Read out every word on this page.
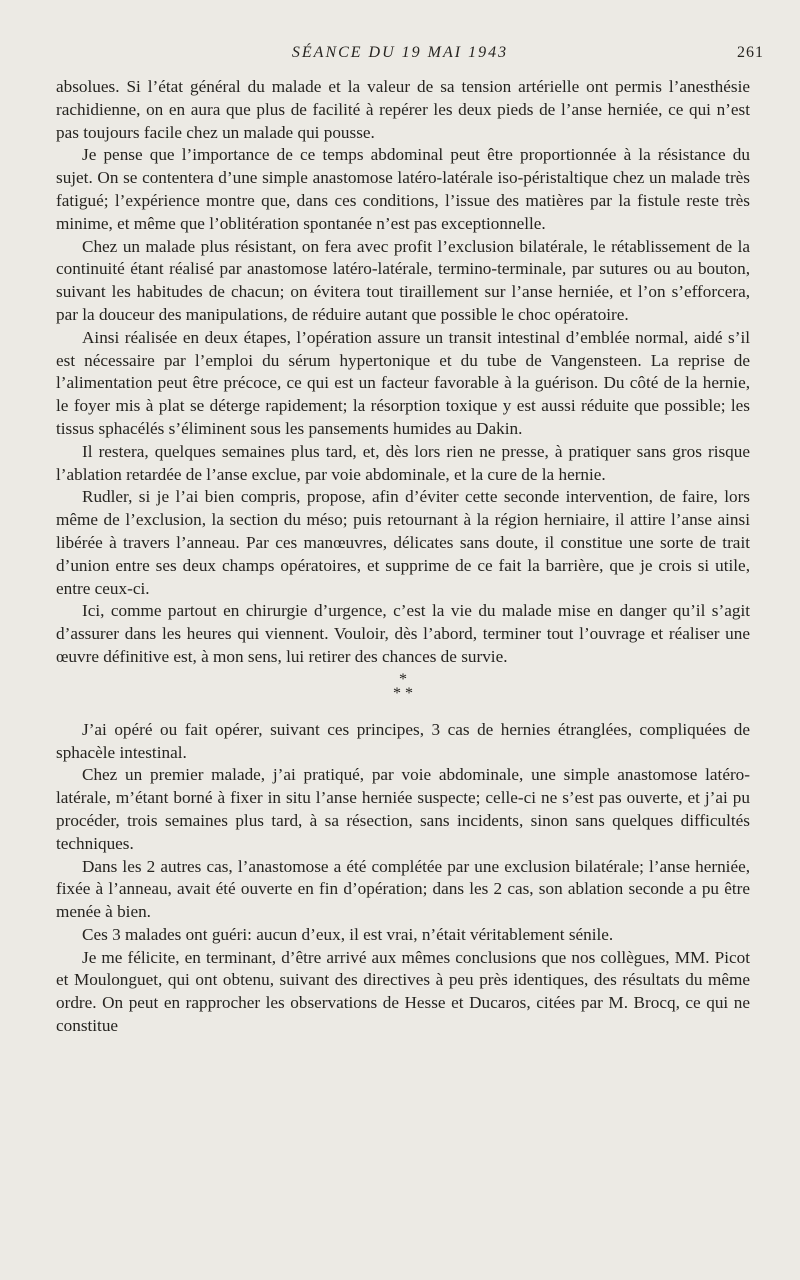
SÉANCE DU 19 MAI 1943	261

absolues. Si l’état général du malade et la valeur de sa tension artérielle ont permis l’anesthésie rachidienne, on en aura que plus de facilité à repérer les deux pieds de l’anse herniée, ce qui n’est pas toujours facile chez un malade qui pousse.

Je pense que l’importance de ce temps abdominal peut être proportionnée à la résistance du sujet. On se contentera d’une simple anastomose latéro-latérale iso-péristaltique chez un malade très fatigué; l’expérience montre que, dans ces conditions, l’issue des matières par la fistule reste très minime, et même que l’oblitération spontanée n’est pas exceptionnelle.

Chez un malade plus résistant, on fera avec profit l’exclusion bilatérale, le rétablissement de la continuité étant réalisé par anastomose latéro-latérale, termino-terminale, par sutures ou au bouton, suivant les habitudes de chacun; on évitera tout tiraillement sur l’anse herniée, et l’on s’efforcera, par la douceur des manipulations, de réduire autant que possible le choc opératoire.

Ainsi réalisée en deux étapes, l’opération assure un transit intestinal d’emblée normal, aidé s’il est nécessaire par l’emploi du sérum hypertonique et du tube de Vangensteen. La reprise de l’alimentation peut être précoce, ce qui est un facteur favorable à la guérison. Du côté de la hernie, le foyer mis à plat se déterge rapidement; la résorption toxique y est aussi réduite que possible; les tissus sphacélés s’éliminent sous les pansements humides au Dakin.

Il restera, quelques semaines plus tard, et, dès lors rien ne presse, à pratiquer sans gros risque l’ablation retardée de l’anse exclue, par voie abdominale, et la cure de la hernie.

Rudler, si je l’ai bien compris, propose, afin d’éviter cette seconde intervention, de faire, lors même de l’exclusion, la section du méso; puis retournant à la région herniaire, il attire l’anse ainsi libérée à travers l’anneau. Par ces manœuvres, délicates sans doute, il constitue une sorte de trait d’union entre ses deux champs opératoires, et supprime de ce fait la barrière, que je crois si utile, entre ceux-ci.

Ici, comme partout en chirurgie d’urgence, c’est la vie du malade mise en danger qu’il s’agit d’assurer dans les heures qui viennent. Vouloir, dès l’abord, terminer tout l’ouvrage et réaliser une œuvre définitive est, à mon sens, lui retirer des chances de survie.

*
* *

J’ai opéré ou fait opérer, suivant ces principes, 3 cas de hernies étranglées, compliquées de sphacèle intestinal.

Chez un premier malade, j’ai pratiqué, par voie abdominale, une simple anastomose latéro-latérale, m’étant borné à fixer in situ l’anse herniée suspecte; celle-ci ne s’est pas ouverte, et j’ai pu procéder, trois semaines plus tard, à sa résection, sans incidents, sinon sans quelques difficultés techniques.

Dans les 2 autres cas, l’anastomose a été complétée par une exclusion bilatérale; l’anse herniée, fixée à l’anneau, avait été ouverte en fin d’opération; dans les 2 cas, son ablation seconde a pu être menée à bien.

Ces 3 malades ont guéri: aucun d’eux, il est vrai, n’était véritablement sénile.

Je me félicite, en terminant, d’être arrivé aux mêmes conclusions que nos collègues, MM. Picot et Moulonguet, qui ont obtenu, suivant des directives à peu près identiques, des résultats du même ordre. On peut en rapprocher les observations de Hesse et Ducaros, citées par M. Brocq, ce qui ne constitue
